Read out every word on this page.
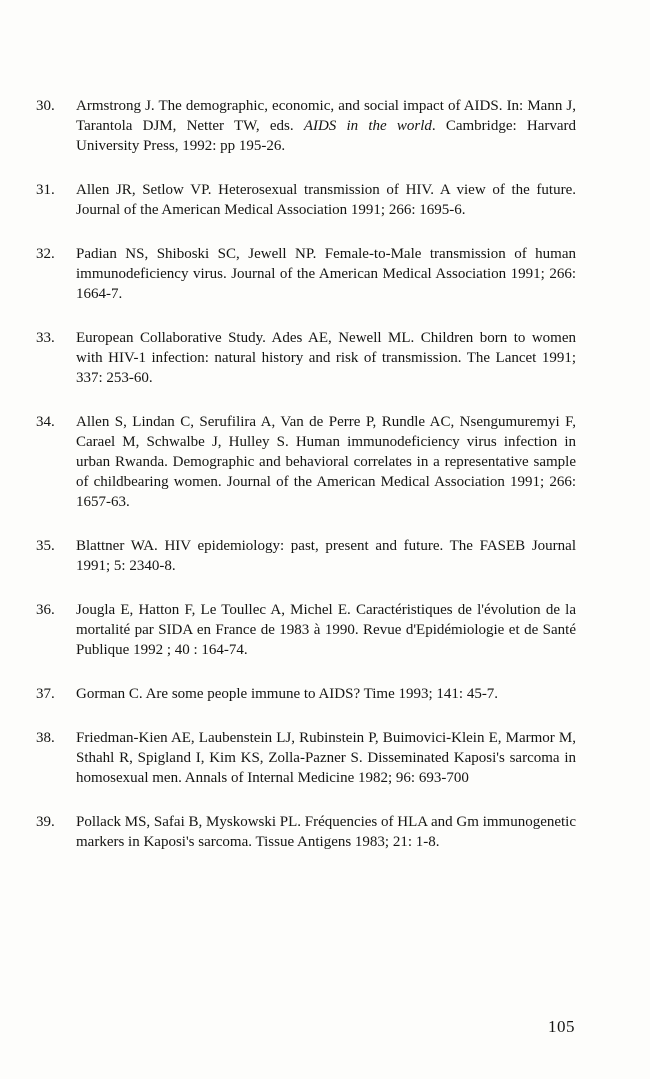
30.	Armstrong J. The demographic, economic, and social impact of AIDS. In: Mann J, Tarantola DJM, Netter TW, eds. AIDS in the world. Cambridge: Harvard University Press, 1992: pp 195-26.
31.	Allen JR, Setlow VP. Heterosexual transmission of HIV. A view of the future. Journal of the American Medical Association 1991; 266: 1695-6.
32.	Padian NS, Shiboski SC, Jewell NP. Female-to-Male transmission of human immunodeficiency virus. Journal of the American Medical Association 1991; 266: 1664-7.
33.	European Collaborative Study. Ades AE, Newell ML. Children born to women with HIV-1 infection: natural history and risk of transmission. The Lancet 1991; 337: 253-60.
34.	Allen S, Lindan C, Serufilira A, Van de Perre P, Rundle AC, Nsengumuremyi F, Carael M, Schwalbe J, Hulley S. Human immunodeficiency virus infection in urban Rwanda. Demographic and behavioral correlates in a representative sample of childbearing women. Journal of the American Medical Association 1991; 266: 1657-63.
35.	Blattner WA. HIV epidemiology: past, present and future. The FASEB Journal 1991; 5: 2340-8.
36.	Jougla E, Hatton F, Le Toullec A, Michel E. Caractéristiques de l'évolution de la mortalité par SIDA en France de 1983 à 1990. Revue d'Epidémiologie et de Santé Publique 1992 ; 40 : 164-74.
37.	Gorman C. Are some people immune to AIDS? Time 1993; 141: 45-7.
38.	Friedman-Kien AE, Laubenstein LJ, Rubinstein P, Buimovici-Klein E, Marmor M, Sthahl R, Spigland I, Kim KS, Zolla-Pazner S. Disseminated Kaposi's sarcoma in homosexual men. Annals of Internal Medicine 1982; 96: 693-700
39.	Pollack MS, Safai B, Myskowski PL. Fréquencies of HLA and Gm immunogenetic markers in Kaposi's sarcoma. Tissue Antigens 1983; 21: 1-8.
105
